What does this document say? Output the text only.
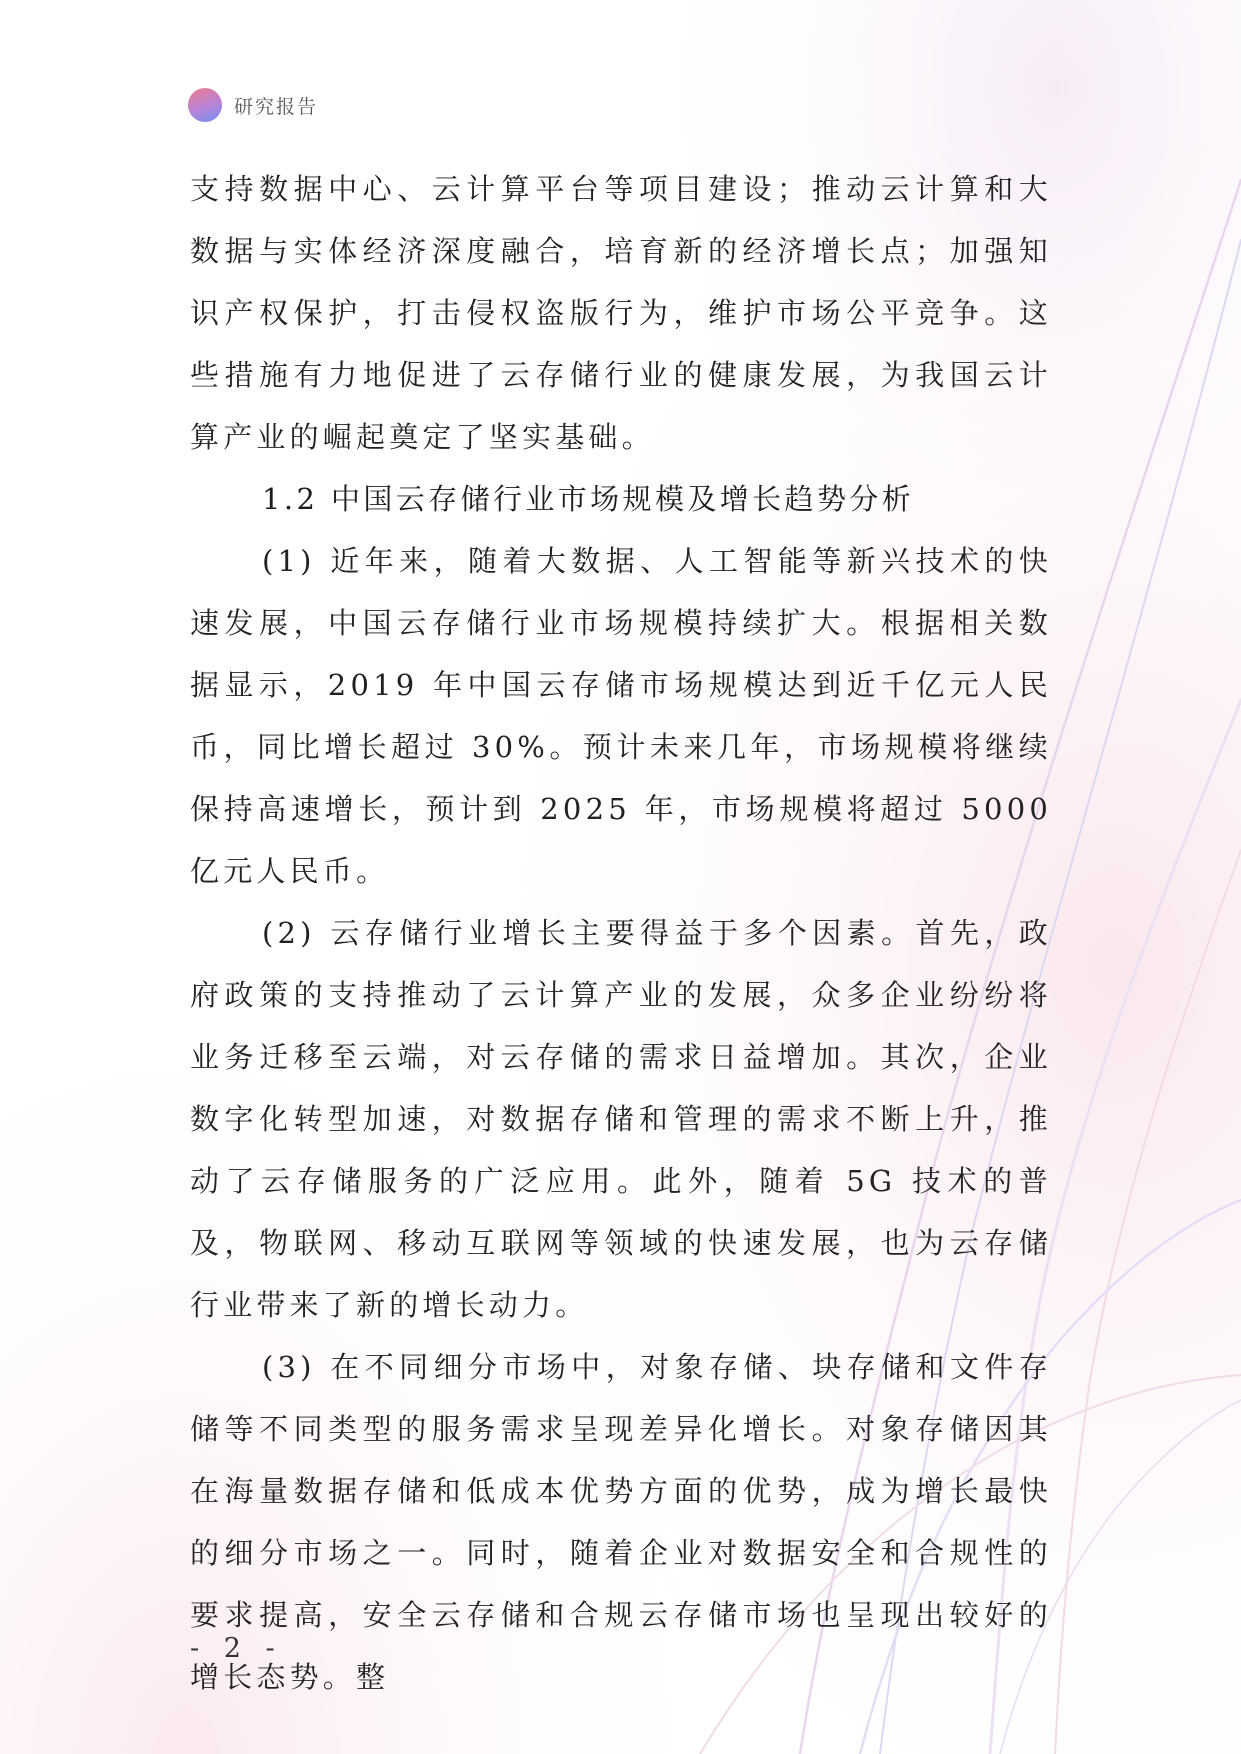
研究报告

支持数据中心、云计算平台等项目建设；推动云计算和大数据与实体经济深度融合，培育新的经济增长点；加强知识产权保护，打击侵权盗版行为，维护市场公平竞争。这些措施有力地促进了云存储行业的健康发展，为我国云计算产业的崛起奠定了坚实基础。

1.2 中国云存储行业市场规模及增长趋势分析

(1) 近年来，随着大数据、人工智能等新兴技术的快速发展，中国云存储行业市场规模持续扩大。根据相关数据显示，2019 年中国云存储市场规模达到近千亿元人民币，同比增长超过 30%。预计未来几年，市场规模将继续保持高速增长，预计到 2025 年，市场规模将超过 5000 亿元人民币。

(2) 云存储行业增长主要得益于多个因素。首先，政府政策的支持推动了云计算产业的发展，众多企业纷纷将业务迁移至云端，对云存储的需求日益增加。其次，企业数字化转型加速，对数据存储和管理的需求不断上升，推动了云存储服务的广泛应用。此外，随着 5G 技术的普及，物联网、移动互联网等领域的快速发展，也为云存储行业带来了新的增长动力。

(3) 在不同细分市场中，对象存储、块存储和文件存储等不同类型的服务需求呈现差异化增长。对象存储因其在海量数据存储和低成本优势方面的优势，成为增长最快的细分市场之一。同时，随着企业对数据安全和合规性的要求提高，安全云存储和合规云存储市场也呈现出较好的增长态势。整

- 2 -
